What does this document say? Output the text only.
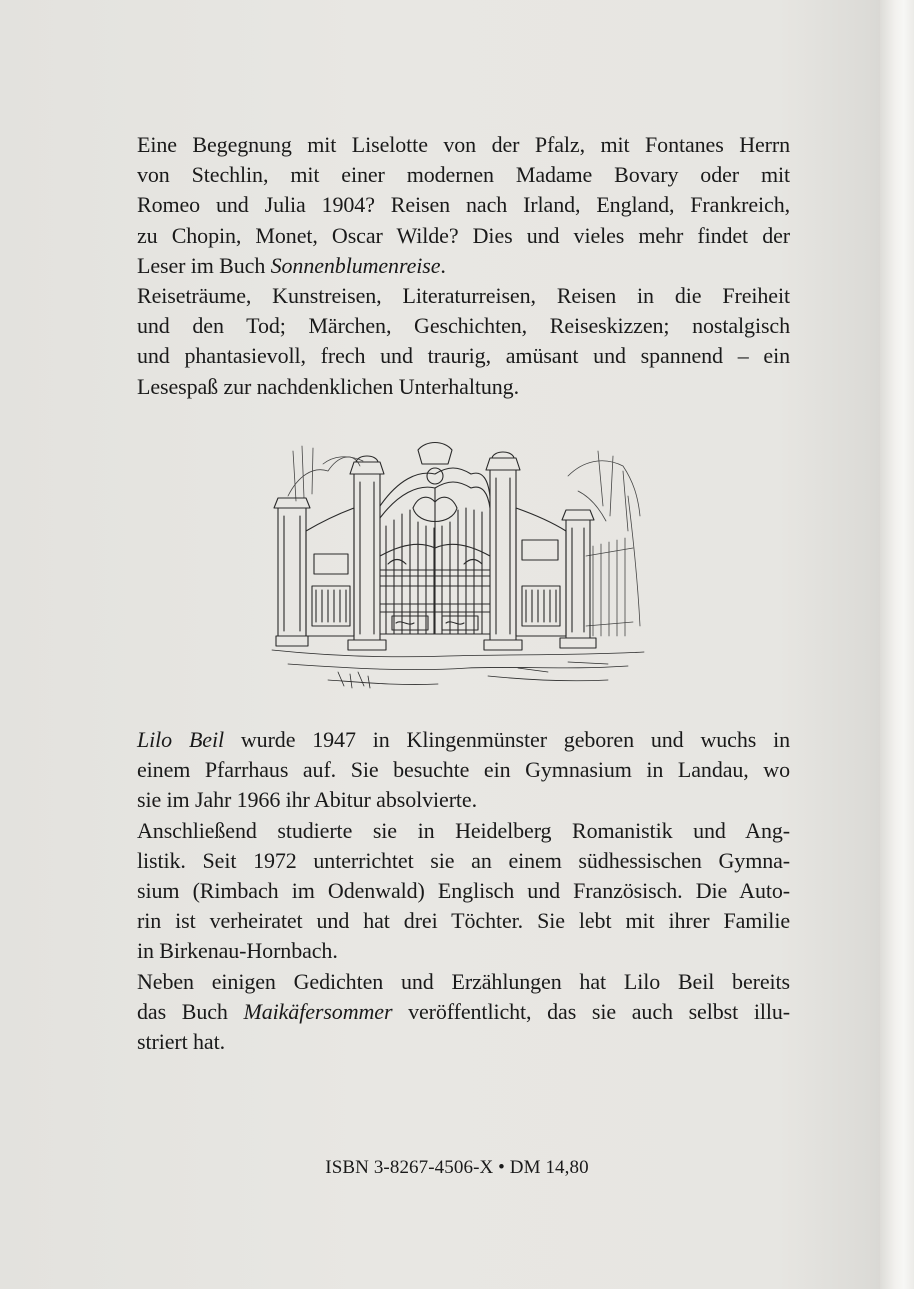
Eine Begegnung mit Liselotte von der Pfalz, mit Fontanes Herrn
von Stechlin, mit einer modernen Madame Bovary oder mit
Romeo und Julia 1904? Reisen nach Irland, England, Frankreich,
zu Chopin, Monet, Oscar Wilde? Dies und vieles mehr findet der
Leser im Buch Sonnenblumenreise.

Reiseträume, Kunstreisen, Literaturreisen, Reisen in die Freiheit
und den Tod; Märchen, Geschichten, Reiseskizzen; nostalgisch
und phantasievoll, frech und traurig, amüsant und spannend – ein
Lesespaß zur nachdenklichen Unterhaltung.

Lilo Beil wurde 1947 in Klingenmünster geboren und wuchs in
einem Pfarrhaus auf. Sie besuchte ein Gymnasium in Landau, wo
sie im Jahr 1966 ihr Abitur absolvierte.

Anschließend studierte sie in Heidelberg Romanistik und Ang-
listik. Seit 1972 unterrichtet sie an einem südhessischen Gymna-
sium (Rimbach im Odenwald) Englisch und Französisch. Die Auto-
rin ist verheiratet und hat drei Töchter. Sie lebt mit ihrer Familie
in Birkenau-Hornbach.

Neben einigen Gedichten und Erzählungen hat Lilo Beil bereits
das Buch Maikäfersommer veröffentlicht, das sie auch selbst illu-
striert hat.

ISBN 3-8267-4506-X • DM 14,80
